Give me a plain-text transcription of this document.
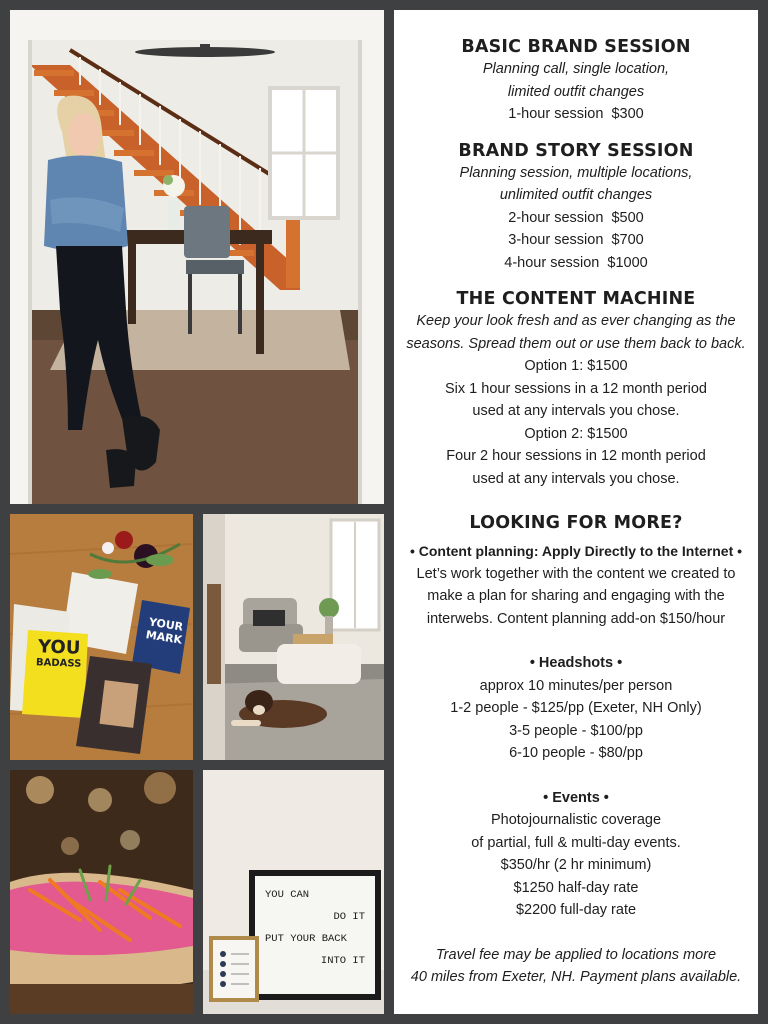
YOU
BADASS
YOUR
MARK
YOU CAN
DO IT
PUT YOUR BACK
INTO IT
BASIC BRAND SESSION

Planning call, single location,

limited outfit changes

1-hour session  $300

BRAND STORY SESSION

Planning session, multiple locations,

unlimited outfit changes

2-hour session  $500

3-hour session  $700

4-hour session  $1000

THE CONTENT MACHINE

Keep your look fresh and as ever changing as the

seasons. Spread them out or use them back to back.

Option 1: $1500

Six 1 hour sessions in a 12 month period

used at any intervals you chose.

Option 2: $1500

Four 2 hour sessions in 12 month period

used at any intervals you chose.

LOOKING FOR MORE?

• Content planning: Apply Directly to the Internet •

Let’s work together with the content we created to

make a plan for sharing and engaging with the

interwebs. Content planning add-on $150/hour

• Headshots •

approx 10 minutes/per person

1-2 people - $125/pp (Exeter, NH Only)

3-5 people - $100/pp

6-10 people - $80/pp

• Events •

Photojournalistic coverage

of partial, full & multi-day events.

$350/hr (2 hr minimum)

$1250 half-day rate

$2200 full-day rate

Travel fee may be applied to locations more

40 miles from Exeter, NH. Payment plans available.
